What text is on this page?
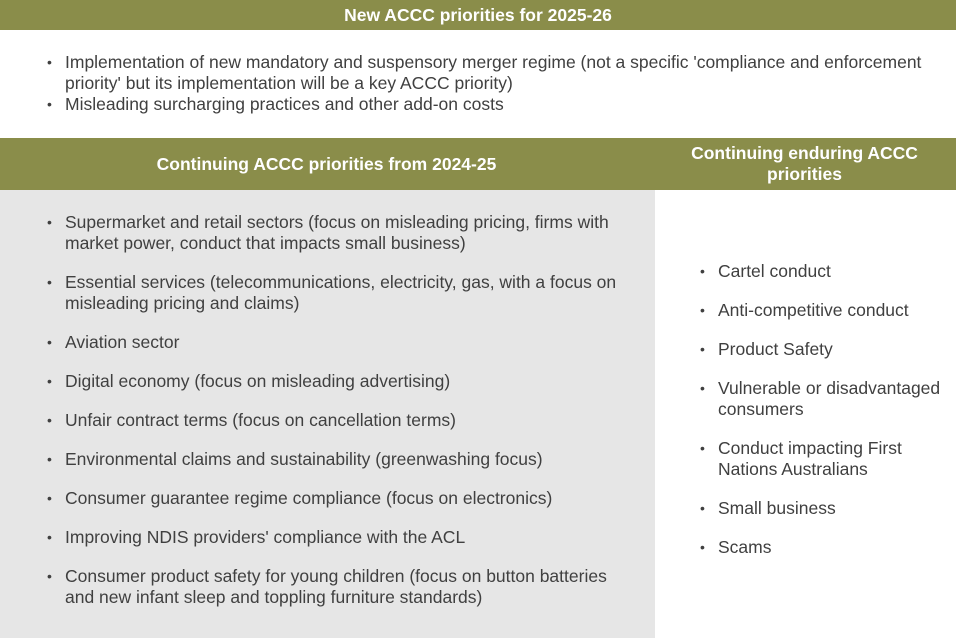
New ACCC priorities for 2025-26
• Implementation of new mandatory and suspensory merger regime (not a specific 'compliance and enforcement priority' but its implementation will be a key ACCC priority)
• Misleading surcharging practices and other add-on costs
Continuing ACCC priorities from 2024-25
Continuing enduring ACCC priorities
• Supermarket and retail sectors (focus on misleading pricing, firms with market power, conduct that impacts small business)
• Essential services (telecommunications, electricity, gas, with a focus on misleading pricing and claims)
• Aviation sector
• Digital economy (focus on misleading advertising)
• Unfair contract terms (focus on cancellation terms)
• Environmental claims and sustainability (greenwashing focus)
• Consumer guarantee regime compliance (focus on electronics)
• Improving NDIS providers' compliance with the ACL
• Consumer product safety for young children (focus on button batteries and new infant sleep and toppling furniture standards)
• Cartel conduct
• Anti-competitive conduct
• Product Safety
• Vulnerable or disadvantaged consumers
• Conduct impacting First Nations Australians
• Small business
• Scams
